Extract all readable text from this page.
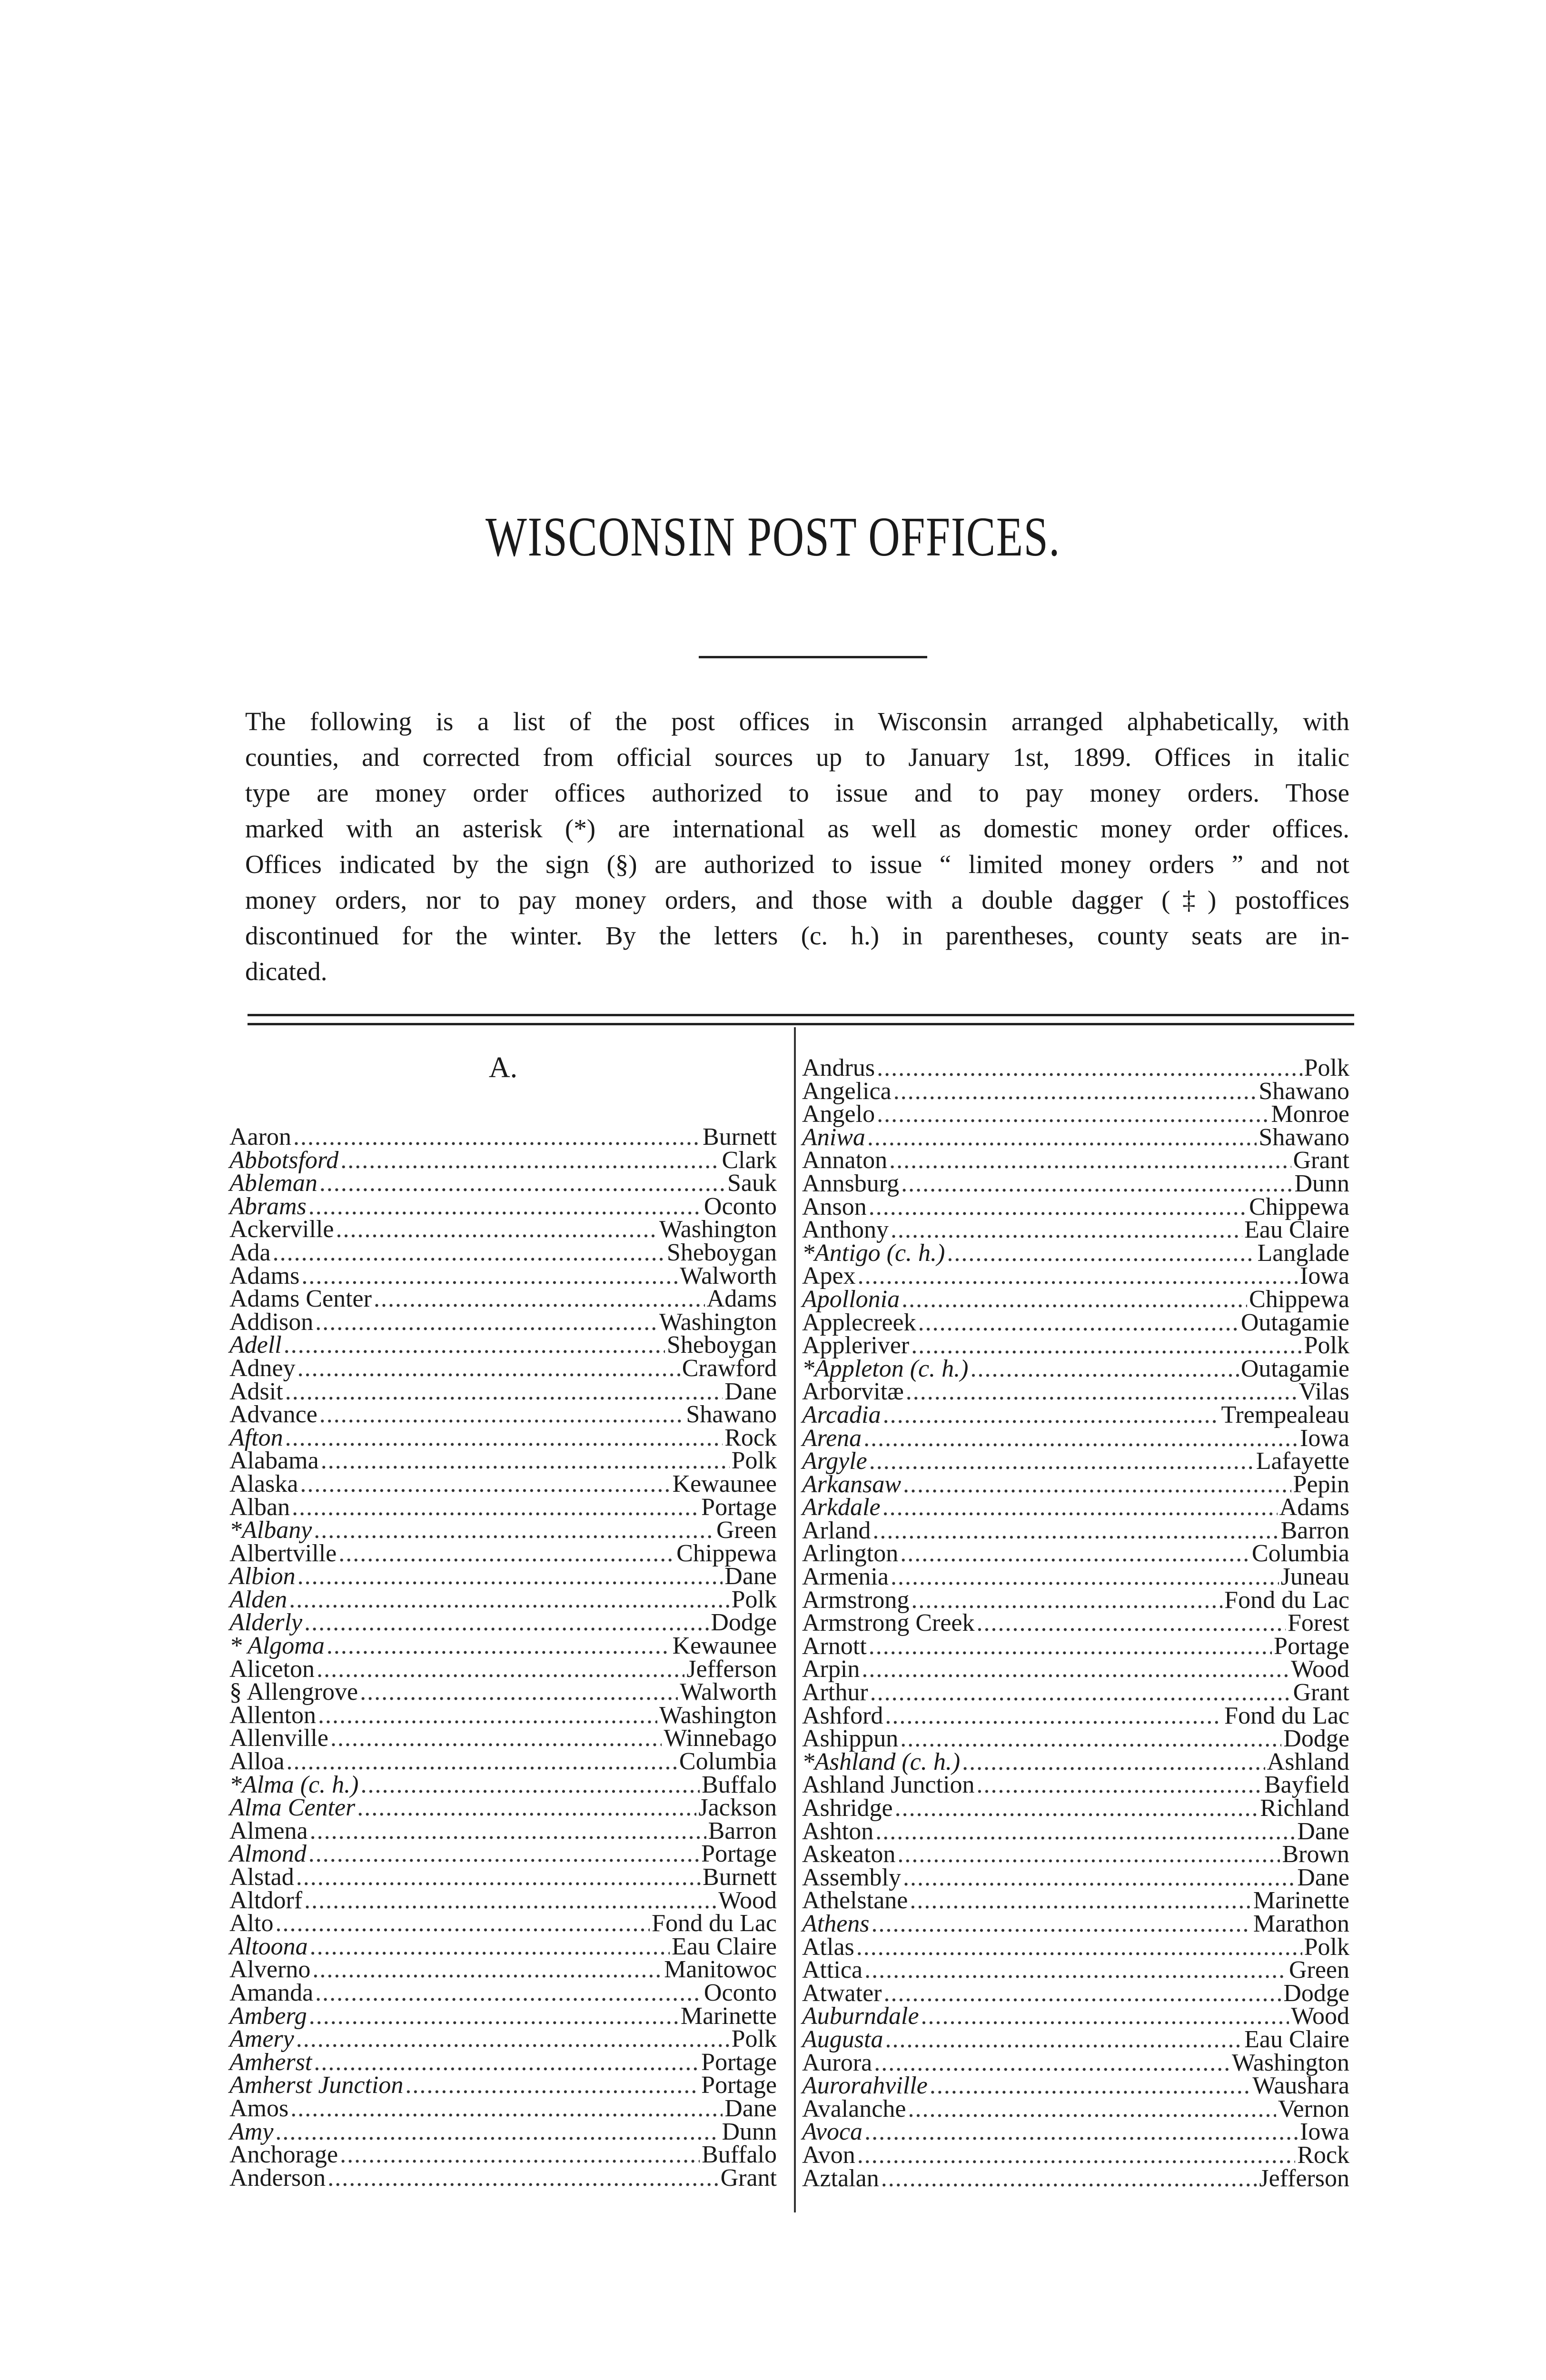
WISCONSIN POST OFFICES.
The following is a list of the post offices in Wisconsin arranged alphabetically, with
counties, and corrected from official sources up to January 1st, 1899. Offices in italic
type are money order offices authorized to issue and to pay money orders. Those
marked with an asterisk (*) are international as well as domestic money order offices.
Offices indicated by the sign (§) are authorized to issue “ limited money orders ” and not
money orders, nor to pay money orders, and those with a double dagger (‡) postoffices
discontinued for the winter. By the letters (c. h.) in parentheses, county seats are in-
dicated.
A.
Aaron .....	Burnett
Abbotsford .....	Clark
Ableman .....	Sauk
Abrams .....	Oconto
Ackerville .....	Washington
Ada .....	Sheboygan
Adams .....	Walworth
Adams Center .....	Adams
Addison .....	Washington
Adell .....	Sheboygan
Adney .....	Crawford
Adsit .....	Dane
Advance .....	Shawano
Afton .....	Rock
Alabama .....	Polk
Alaska .....	Kewaunee
Alban .....	Portage
*Albany .....	Green
Albertville .....	Chippewa
Albion .....	Dane
Alden .....	Polk
Alderly .....	Dodge
* Algoma .....	Kewaunee
Aliceton .....	Jefferson
§ Allengrove .....	Walworth
Allenton .....	Washington
Allenville .....	Winnebago
Alloa .....	Columbia
*Alma (c. h.) .....	Buffalo
Alma Center .....	Jackson
Almena .....	Barron
Almond .....	Portage
Alstad .....	Burnett
Altdorf .....	Wood
Alto .....	Fond du Lac
Altoona .....	Eau Claire
Alverno .....	Manitowoc
Amanda .....	Oconto
Amberg .....	Marinette
Amery .....	Polk
Amherst .....	Portage
Amherst Junction .....	Portage
Amos .....	Dane
Amy .....	Dunn
Anchorage .....	Buffalo
Anderson .....	Grant
Andrus .....	Polk
Angelica .....	Shawano
Angelo .....	Monroe
Aniwa .....	Shawano
Annaton .....	Grant
Annsburg .....	Dunn
Anson .....	Chippewa
Anthony .....	Eau Claire
*Antigo (c. h.) .....	Langlade
Apex .....	Iowa
Apollonia .....	Chippewa
Applecreek .....	Outagamie
Appleriver .....	Polk
*Appleton (c. h.) .....	Outagamie
Arborvitæ .....	Vilas
Arcadia .....	Trempealeau
Arena .....	Iowa
Argyle .....	Lafayette
Arkansaw .....	Pepin
Arkdale .....	Adams
Arland .....	Barron
Arlington .....	Columbia
Armenia .....	Juneau
Armstrong .....	Fond du Lac
Armstrong Creek .....	Forest
Arnott .....	Portage
Arpin .....	Wood
Arthur .....	Grant
Ashford .....	Fond du Lac
Ashippun .....	Dodge
*Ashland (c. h.) .....	Ashland
Ashland Junction .....	Bayfield
Ashridge .....	Richland
Ashton .....	Dane
Askeaton .....	Brown
Assembly .....	Dane
Athelstane .....	Marinette
Athens .....	Marathon
Atlas .....	Polk
Attica .....	Green
Atwater .....	Dodge
Auburndale .....	Wood
Augusta .....	Eau Claire
Aurora .....	Washington
Aurorahville .....	Waushara
Avalanche .....	Vernon
Avoca .....	Iowa
Avon .....	Rock
Aztalan .....	Jefferson
